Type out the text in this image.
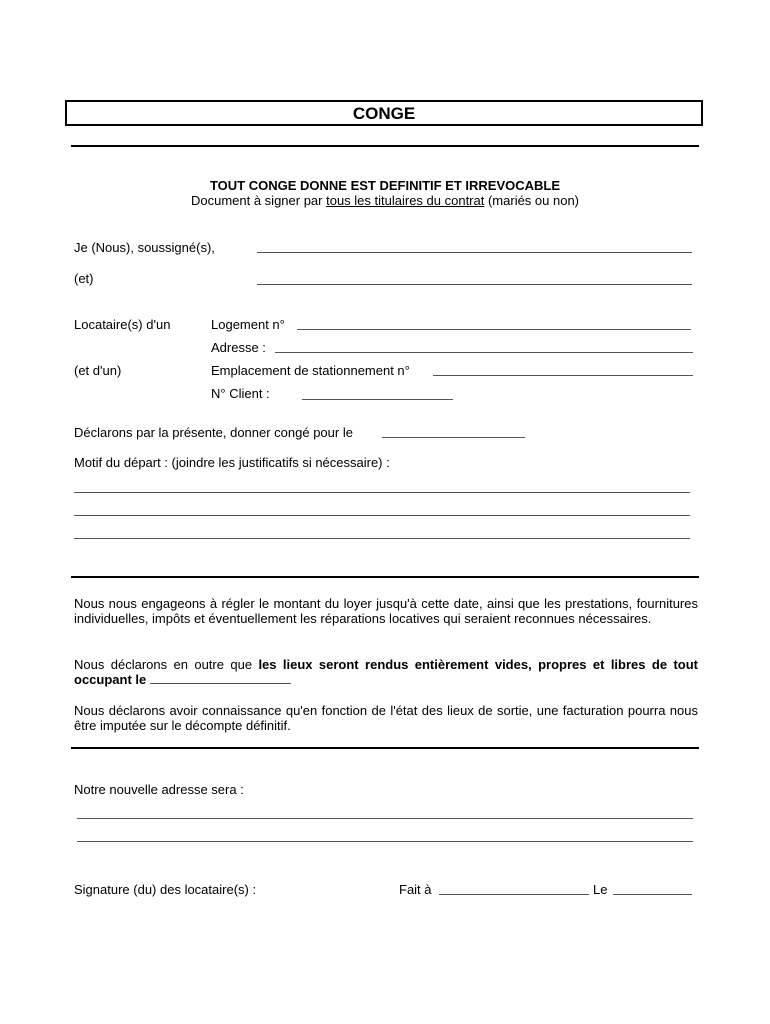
CONGE
TOUT CONGE DONNE EST DEFINITIF ET IRREVOCABLE
Document à signer par tous les titulaires du contrat (mariés ou non)
Je (Nous), soussigné(s),
(et)
Locataire(s) d'un	Logement n°
Adresse :
(et d'un)	Emplacement de stationnement n°
N° Client :
Déclarons par la présente, donner congé pour le
Motif du départ : (joindre les justificatifs si nécessaire) :
Nous nous engageons à régler le montant du loyer jusqu'à cette date, ainsi que les prestations, fournitures individuelles, impôts et éventuellement les réparations locatives qui seraient reconnues nécessaires.
Nous déclarons en outre que les lieux seront rendus entièrement vides, propres et libres de tout occupant le
Nous déclarons avoir connaissance qu'en fonction de l'état des lieux de sortie, une facturation pourra nous être imputée sur le décompte définitif.
Notre nouvelle adresse sera :
Signature (du) des locataire(s) :	Fait à	Le
